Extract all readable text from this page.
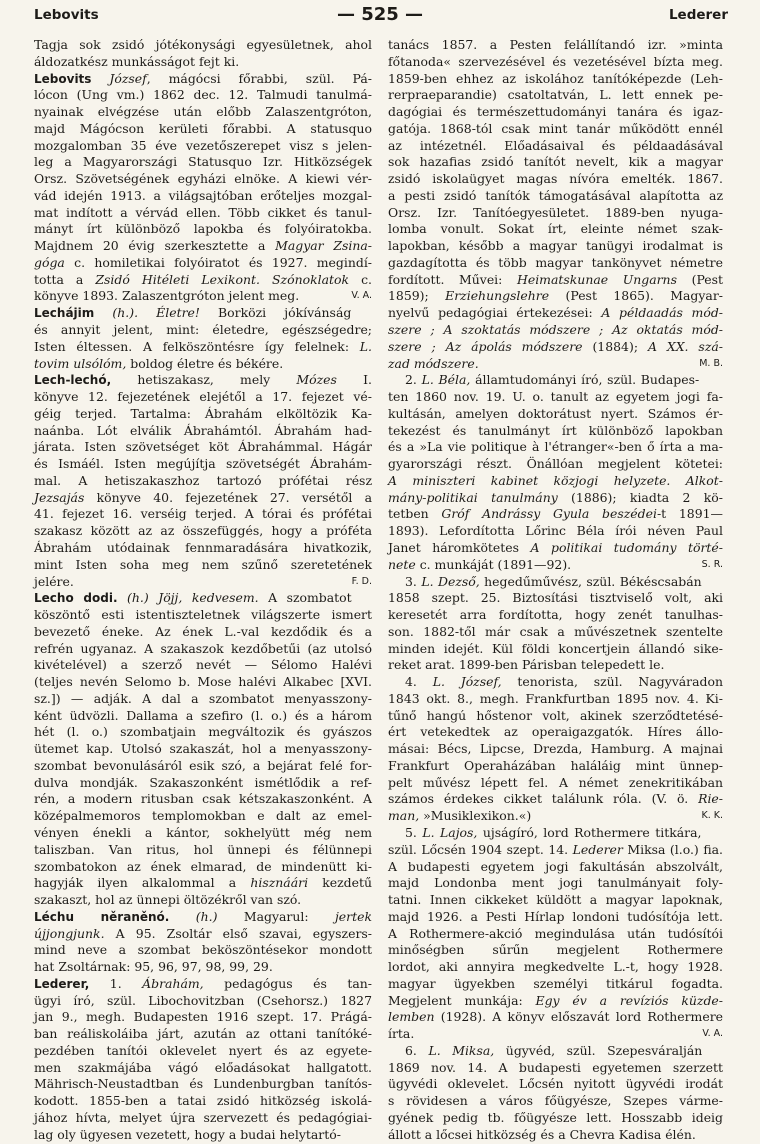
Lebovits	— 525 —	Lederer
Tagja sok zsidó jótékonysági egyesületnek, ahol
áldozatkész munkásságot fejt ki.
Lebovits József, mágócsi főrabbi, szül. Pá-
lócon (Ung vm.) 1862 dec. 12. Talmudi tanulmá-
nyainak elvégzése után előbb Zalaszentgróton,
majd Mágócson kerületi főrabbi. A statusquo
mozgalomban 35 éve vezetőszerepet visz s jelen-
leg a Magyarországi Statusquo Izr. Hitközségek
Orsz. Szövetségének egyházi elnöke. A kiewi vér-
vád idején 1913. a világsajtóban erőteljes mozgal-
mat indított a vérvád ellen. Több cikket és tanul-
mányt írt különböző lapokba és folyóiratokba.
Majdnem 20 évig szerkesztette a Magyar Zsina-
góga c. homiletikai folyóiratot és 1927. megindí-
totta a Zsidó Hitéleti Lexikont. Szónoklatok c.
könyve 1893. Zalaszentgróton jelent meg.	V. A.
Lechájim (h.). Életre! Borközi jókívánság
és annyit jelent, mint: életedre, egészségedre;
Isten éltessen. A felköszöntésre így felelnek: L.
tovim ulsólóm, boldog életre és békére.
Lech-lechó, hetiszakasz, mely Mózes I.
könyve 12. fejezetének elejétől a 17. fejezet vé-
géig terjed. Tartalma: Ábrahám elköltözik Ka-
naánba. Lót elválik Ábrahámtól. Ábrahám had-
járata. Isten szövetséget köt Ábrahámmal. Hágár
és Ismáél. Isten megújítja szövetségét Ábrahám-
mal. A hetiszakaszhoz tartozó prófétai rész
Jezsajás könyve 40. fejezetének 27. versétől a
41. fejezet 16. verséig terjed. A tórai és prófétai
szakasz között az az összefüggés, hogy a próféta
Ábrahám utódainak fennmaradására hivatkozik,
mint Isten soha meg nem szűnő szeretetének
jelére.	F. D.
Lecho dodi. (h.) Jöjj, kedvesem. A szombatot
köszöntő esti istentiszteletnek világszerte ismert
bevezető éneke. Az ének L.-val kezdődik és a
refrén ugyanaz. A szakaszok kezdőbetűi (az utolsó
kivételével) a szerző nevét — Sélomo Halévi
(teljes nevén Selomo b. Mose halévi Alkabec [XVI.
sz.]) — adják. A dal a szombatot menyasszony-
ként üdvözli. Dallama a szefiro (l. o.) és a három
hét (l. o.) szombatjain megváltozik és gyászos
ütemet kap. Utolsó szakaszát, hol a menyasszony-
szombat bevonulásáról esik szó, a bejárat felé for-
dulva mondják. Szakaszonként ismétlődik a ref-
rén, a modern ritusban csak kétszakaszonként. A
középalmemoros templomokban e dalt az emel-
vényen énekli a kántor, sokhelyütt még nem
taliszban. Van ritus, hol ünnepi és félünnepi
szombatokon az ének elmarad, de mindenütt ki-
hagyják ilyen alkalommal a hisznáári kezdetű
szakaszt, hol az ünnepi öltözékről van szó.
Léchu něraněnó. (h.) Magyarul: jertek
újjongjunk. A 95. Zsoltár első szavai, egyszers-
mind neve a szombat beköszöntésekor mondott
hat Zsoltárnak: 95, 96, 97, 98, 99, 29.
Lederer, 1. Ábrahám, pedagógus és tan-
ügyi író, szül. Libochovitzban (Csehorsz.) 1827
jan 9., megh. Budapesten 1916 szept. 17. Prágá-
ban reáliskoláiba járt, azután az ottani tanítóké-
pezdében tanítói oklevelet nyert és az egyete-
men szakmájába vágó előadásokat hallgatott.
Mährisch-Neustadtban és Lundenburgban tanítós-
kodott. 1855-ben a tatai zsidó hitközség iskolá-
jához hívta, melyet újra szervezett és pedagógiai-
lag oly ügyesen vezetett, hogy a budai helytartó-
tanács 1857. a Pesten felállítandó izr. »minta
főtanoda« szervezésével és vezetésével bízta meg.
1859-ben ehhez az iskolához tanítóképezde (Leh-
rerpraeparandie) csatoltatván, L. lett ennek pe-
dagógiai és természettudományi tanára és igaz-
gatója. 1868-tól csak mint tanár működött ennél
az intézetnél. Előadásaival és példaadásával
sok hazafias zsidó tanítót nevelt, kik a magyar
zsidó iskolaügyet magas nívóra emelték. 1867.
a pesti zsidó tanítók támogatásával alapította az
Orsz. Izr. Tanítóegyesületet. 1889-ben nyuga-
lomba vonult. Sokat írt, eleinte német szak-
lapokban, később a magyar tanügyi irodalmat is
gazdagította és több magyar tankönyvet németre
fordított. Művei: Heimatskunae Ungarns (Pest
1859); Erziehungslehre (Pest 1865). Magyar-
nyelvű pedagógiai értekezései: A példaadás mód-
szere ; A szoktatás módszere ; Az oktatás mód-
szere ; Az ápolás módszere (1884); A XX. szá-
zad módszere.	M. B.
2. L. Béla, államtudományi író, szül. Budapes-
ten 1860 nov. 19. U. o. tanult az egyetem jogi fa-
kultásán, amelyen doktorátust nyert. Számos ér-
tekezést és tanulmányt írt különböző lapokban
és a »La vie politique à l'étranger«-ben ő írta a ma-
gyarországi részt. Önállóan megjelent kötetei:
A miniszteri kabinet közjogi helyzete. Alkot-
mány-politikai tanulmány (1886); kiadta 2 kö-
tetben Gróf Andrássy Gyula beszédei-t 1891—
1893). Lefordította Lőrinc Béla írói néven Paul
Janet háromkötetes A politikai tudomány törté-
nete c. munkáját (1891—92).	S. R.
3. L. Dezső, hegedűművész, szül. Békéscsabán
1858 szept. 25. Biztosítási tisztviselő volt, aki
keresetét arra fordította, hogy zenét tanulhas-
son. 1882-től már csak a művészetnek szentelte
minden idejét. Kül földi koncertjein állandó sike-
reket arat. 1899-ben Párisban telepedett le.
4. L. József, tenorista, szül. Nagyváradon
1843 okt. 8., megh. Frankfurtban 1895 nov. 4. Ki-
tűnő hangú hőstenor volt, akinek szerződtetésé-
ért vetekedtek az operaigazgatók. Híres állo-
másai: Bécs, Lipcse, Drezda, Hamburg. A majnai
Frankfurt Operaházában haláláig mint ünnep-
pelt művész lépett fel. A német zenekritikában
számos érdekes cikket találunk róla. (V. ö. Rie-
man, »Musiklexikon.«)	K. K.
5. L. Lajos, ujságíró, lord Rothermere titkára,
szül. Lőcsén 1904 szept. 14. Lederer Miksa (l.o.) fia.
A budapesti egyetem jogi fakultásán abszolvált,
majd Londonba ment jogi tanulmányait foly-
tatni. Innen cikkeket küldött a magyar lapoknak,
majd 1926. a Pesti Hírlap londoni tudósítója lett.
A Rothermere-akció megindulása után tudósítói
minőségben sűrűn megjelent Rothermere
lordot, aki annyira megkedvelte L.-t, hogy 1928.
magyar ügyekben személyi titkárul fogadta.
Megjelent munkája: Egy év a revíziós küzde-
lemben (1928). A könyv előszavát lord Rothermere
írta.	V. A.
6. L. Miksa, ügyvéd, szül. Szepesváralján
1869 nov. 14. A budapesti egyetemen szerzett
ügyvédi oklevelet. Lőcsén nyitott ügyvédi irodát
s rövidesen a város főügyésze, Szepes várme-
gyének pedig tb. főügyésze lett. Hosszabb ideig
állott a lőcsei hitközség és a Chevra Kadisa élén.
